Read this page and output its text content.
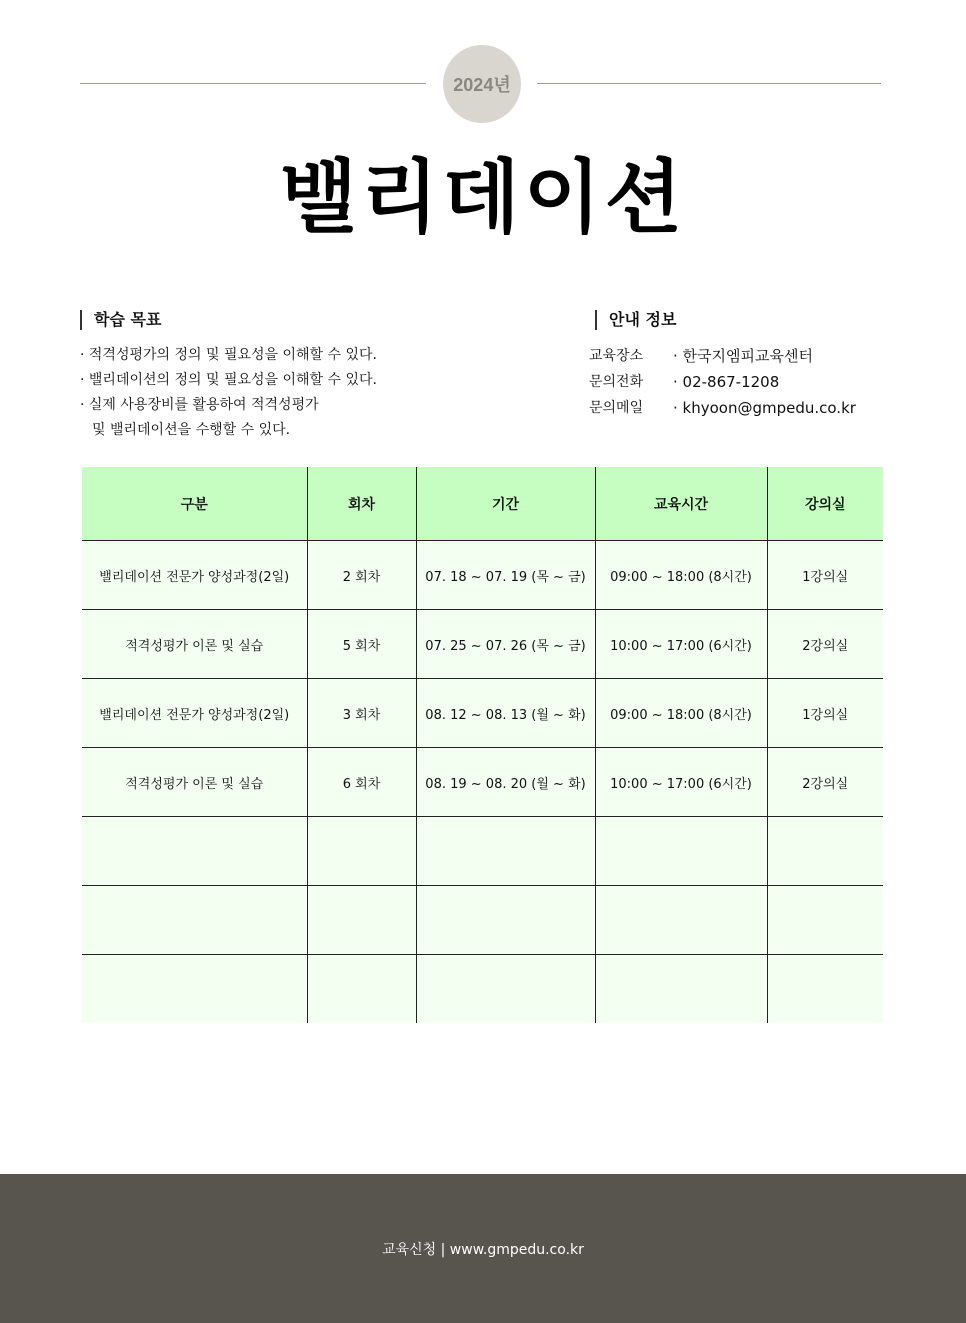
2024년
밸리데이션
학습 목표
· 적격성평가의 정의 및 필요성을 이해할 수 있다.
· 밸리데이션의 정의 및 필요성을 이해할 수 있다.
· 실제 사용장비를 활용하여 적격성평가
및 밸리데이션을 수행할 수 있다.
안내 정보
교육장소	· 한국지엠피교육센터
문의전화	· 02-867-1208
문의메일	· khyoon@gmpedu.co.kr
구분	회차	기간	교육시간	강의실
밸리데이션 전문가 양성과정(2일)	2 회차	07. 18 ~ 07. 19 (목 ~ 금)	09:00 ~ 18:00 (8시간)	1강의실
적격성평가 이론 및 실습	5 회차	07. 25 ~ 07. 26 (목 ~ 금)	10:00 ~ 17:00 (6시간)	2강의실
밸리데이션 전문가 양성과정(2일)	3 회차	08. 12 ~ 08. 13 (월 ~ 화)	09:00 ~ 18:00 (8시간)	1강의실
적격성평가 이론 및 실습	6 회차	08. 19 ~ 08. 20 (월 ~ 화)	10:00 ~ 17:00 (6시간)	2강의실

교육신청 | www.gmpedu.co.kr
